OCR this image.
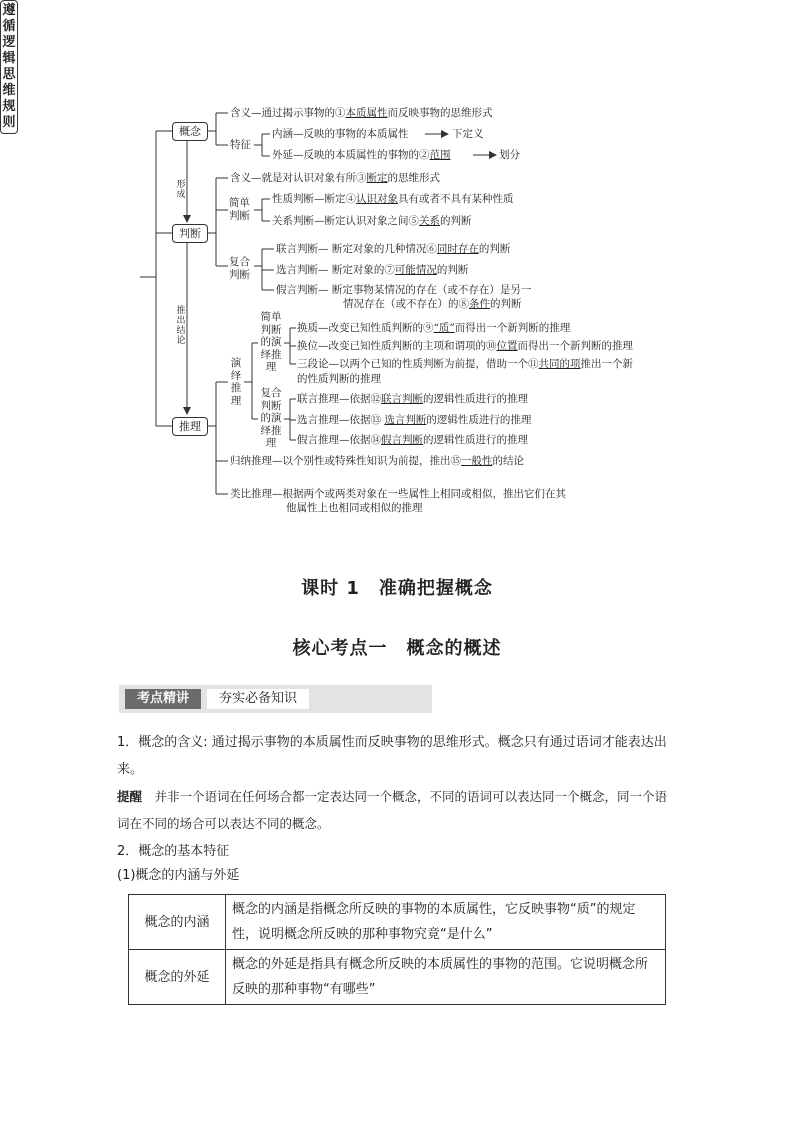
遵
循
逻
辑
思
维
规
则
概念
判断
推理
形
成
推
出
结
论
含义—通过揭示事物的①本质属性而反映事物的思维形式
特征
内涵—反映的事物的本质属性	下定义
外延—反映的本质属性的事物的②范围	划分
含义—就是对认识对象有所③断定的思维形式
简单
判断
性质判断—断定④认识对象具有或者不具有某种性质
关系判断—断定认识对象之间⑤关系的判断
复合
判断
联言判断— 断定对象的几种情况⑥同时存在的判断
选言判断— 断定对象的⑦可能情况的判断
假言判断— 断定事物某情况的存在（或不存在）是另一
情况存在（或不存在）的⑧条件的判断
演
绎
推
理
简单
判断
的演
绎推
理
换质—改变已知性质判断的⑨“质”而得出一个新判断的推理
换位—改变已知性质判断的主项和谓项的⑩位置而得出一个新判断的推理
三段论—以两个已知的性质判断为前提，借助一个⑪共同的项推出一个新
的性质判断的推理
复合
判断
的演
绎推
理
联言推理—依据⑫联言判断的逻辑性质进行的推理
选言推理—依据⑬ 选言判断的逻辑性质进行的推理
假言推理—依据⑭假言判断的逻辑性质进行的推理
归纳推理—以个别性或特殊性知识为前提，推出⑮一般性的结论
类比推理—根据两个或两类对象在一些属性上相同或相似，推出它们在其
他属性上也相同或相似的推理
课时 1　准确把握概念
核心考点一　概念的概述
考点精讲	夯实必备知识
1．概念的含义: 通过揭示事物的本质属性而反映事物的思维形式。概念只有通过语词才能表达出来。
提醒　 并非一个语词在任何场合都一定表达同一个概念，不同的语词可以表达同一个概念，同一个语词在不同的场合可以表达不同的概念。
2．概念的基本特征
(1)概念的内涵与外延
概念的内涵	概念的内涵是指概念所反映的事物的本质属性，它反映事物“质”的规定性，说明概念所反映的那种事物究竟“是什么”
概念的外延	概念的外延是指具有概念所反映的本质属性的事物的范围。它说明概念所反映的那种事物“有哪些”
